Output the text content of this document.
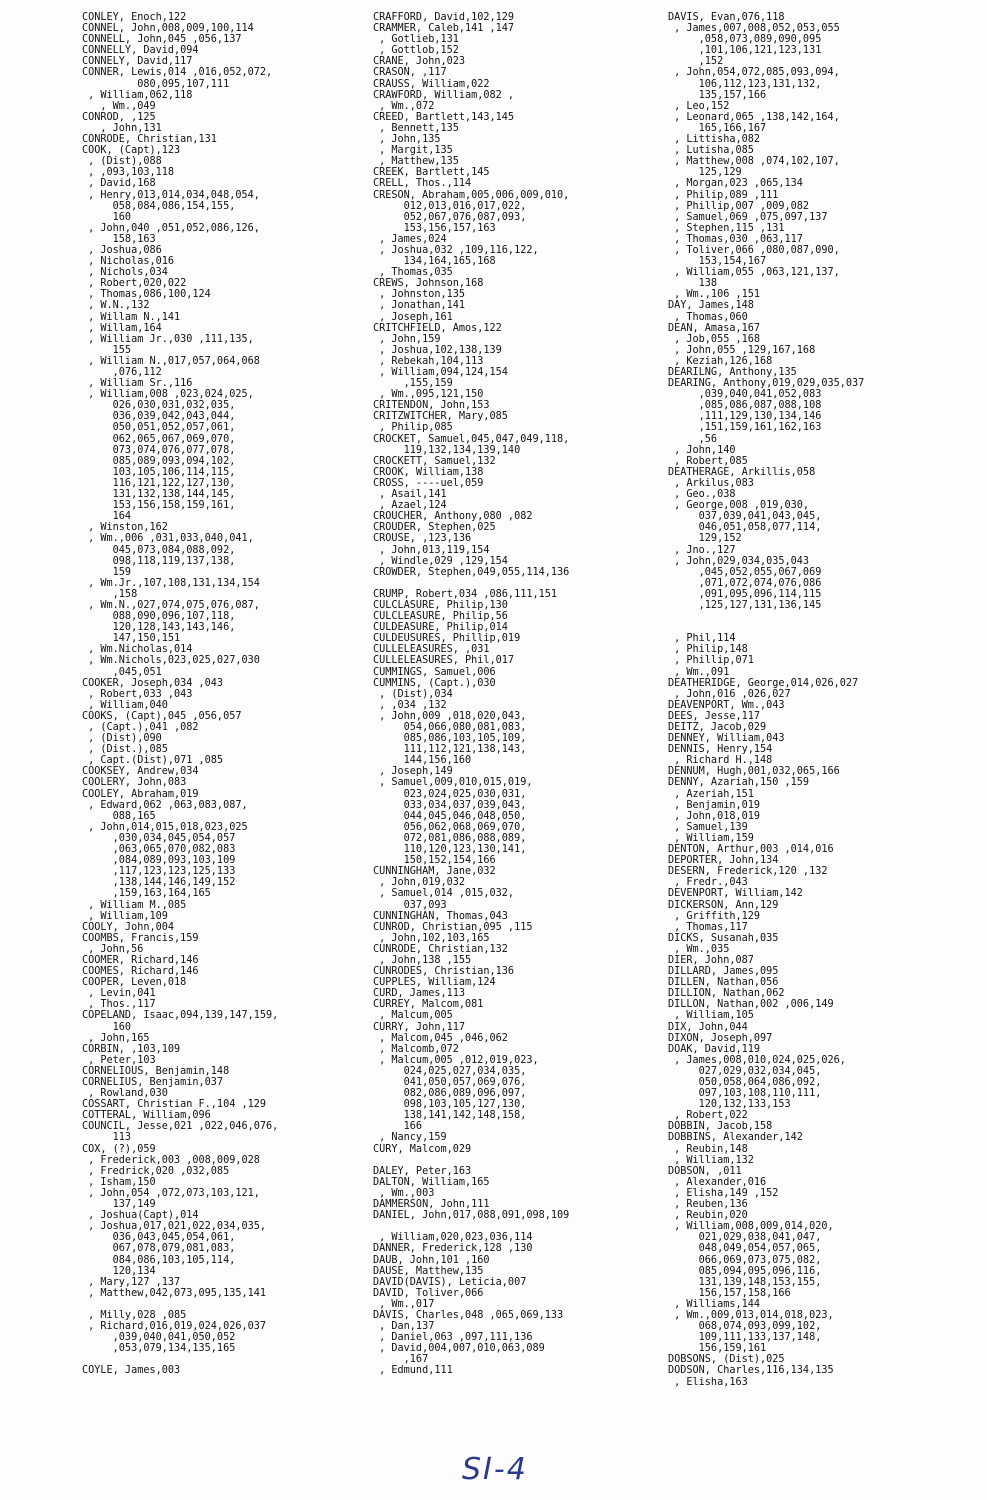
CONLEY, Enoch,122
CONNEL, John,008,009,100,114
CONNELL, John,045 ,056,137
CONNELLY, David,094
CONNELY, David,117
CONNER, Lewis,014 ,016,052,072,
080,095,107,111
, William,062,118
, Wm.,049
CONROD, ,125
, John,131
CONRODE, Christian,131
COOK, (Capt),123
, (Dist),088
, ,093,103,118
, David,168
, Henry,013,014,034,048,054,
058,084,086,154,155,
160
, John,040 ,051,052,086,126,
158,163
, Joshua,086
, Nicholas,016
, Nichols,034
, Robert,020,022
, Thomas,086,100,124
, W.N.,132
, Willam N.,141
, Willam,164
, William Jr.,030 ,111,135,
155
, William N.,017,057,064,068
,076,112
, William Sr.,116
, William,008 ,023,024,025,
026,030,031,032,035,
036,039,042,043,044,
050,051,052,057,061,
062,065,067,069,070,
073,074,076,077,078,
085,089,093,094,102,
103,105,106,114,115,
116,121,122,127,130,
131,132,138,144,145,
153,156,158,159,161,
164
, Winston,162
, Wm.,006 ,031,033,040,041,
045,073,084,088,092,
098,118,119,137,138,
159
, Wm.Jr.,107,108,131,134,154
,158
, Wm.N.,027,074,075,076,087,
088,090,096,107,118,
120,128,143,143,146,
147,150,151
, Wm.Nicholas,014
, Wm.Nichols,023,025,027,030
,045,051
COOKER, Joseph,034 ,043
, Robert,033 ,043
, William,040
COOKS, (Capt),045 ,056,057
, (Capt.),041 ,082
, (Dist),090
, (Dist.),085
, Capt.(Dist),071 ,085
COOKSEY, Andrew,034
COOLERY, John,083
COOLEY, Abraham,019
, Edward,062 ,063,083,087,
088,165
, John,014,015,018,023,025
,030,034,045,054,057
,063,065,070,082,083
,084,089,093,103,109
,117,123,123,125,133
,138,144,146,149,152
,159,163,164,165
, William M.,085
, William,109
COOLY, John,004
COOMBS, Francis,159
, John,56
COOMER, Richard,146
COOMES, Richard,146
COOPER, Leven,018
, Levin,041
, Thos.,117
COPELAND, Isaac,094,139,147,159,
160
, John,165
CORBIN, ,103,109
, Peter,103
CORNELIOUS, Benjamin,148
CORNELIUS, Benjamin,037
, Rowland,030
COSSART, Christian F.,104 ,129
COTTERAL, William,096
COUNCIL, Jesse,021 ,022,046,076,
113
COX, (?),059
, Frederick,003 ,008,009,028
, Fredrick,020 ,032,085
, Isham,150
, John,054 ,072,073,103,121,
137,149
, Joshua(Capt),014
, Joshua,017,021,022,034,035,
036,043,045,054,061,
067,078,079,081,083,
084,086,103,105,114,
120,134
, Mary,127 ,137
, Matthew,042,073,095,135,141
, Milly,028 ,085
, Richard,016,019,024,026,037
,039,040,041,050,052
,053,079,134,135,165
COYLE, James,003
CRAFFORD, David,102,129
CRAMMER, Caleb,141 ,147
, Gotlieb,131
, Gottlob,152
CRANE, John,023
CRASON, ,117
CRAUSS, William,022
CRAWFORD, William,082 ,
, Wm.,072
CREED, Bartlett,143,145
, Bennett,135
, John,135
, Margit,135
, Matthew,135
CREEK, Bartlett,145
CRELL, Thos.,114
CRESON, Abraham,005,006,009,010,
012,013,016,017,022,
052,067,076,087,093,
153,156,157,163
, James,024
, Joshua,032 ,109,116,122,
134,164,165,168
, Thomas,035
CREWS, Johnson,168
, Johnston,135
, Jonathan,141
, Joseph,161
CRITCHFIELD, Amos,122
, John,159
, Joshua,102,138,139
, Rebekah,104,113
, William,094,124,154
,155,159
, Wm.,095,121,150
CRITENDON, John,153
CRITZWITCHER, Mary,085
, Philip,085
CROCKET, Samuel,045,047,049,118,
119,132,134,139,140
CROCKETT, Samuel,132
CROOK, William,138
CROSS, ----uel,059
, Asail,141
, Azael,124
CROUCHER, Anthony,080 ,082
CROUDER, Stephen,025
CROUSE, ,123,136
, John,013,119,154
, Windle,029 ,129,154
CROWDER, Stephen,049,055,114,136
CRUMP, Robert,034 ,086,111,151
CULCLASURE, Philip,130
CULCLEASURE, Philip,56
CULDEASURE, Philip,014
CULDEUSURES, Phillip,019
CULLELEASURES, ,031
CULLELEASURES, Phil,017
CUMMINGS, Samuel,006
CUMMINS, (Capt.),030
, (Dist),034
, ,034 ,132
, John,009 ,018,020,043,
054,066,080,081,083,
085,086,103,105,109,
111,112,121,138,143,
144,156,160
, Joseph,149
, Samuel,009,010,015,019,
023,024,025,030,031,
033,034,037,039,043,
044,045,046,048,050,
056,062,068,069,070,
072,081,086,088,089,
110,120,123,130,141,
150,152,154,166
CUNNINGHAM, Jane,032
, John,019,032
, Samuel,014 ,015,032,
037,093
CUNNINGHAN, Thomas,043
CUNROD, Christian,095 ,115
, John,102,103,165
CUNRODE, Christian,132
, John,138 ,155
CUNRODES, Christian,136
CUPPLES, William,124
CURD, James,113
CURREY, Malcom,081
, Malcum,005
CURRY, John,117
, Malcom,045 ,046,062
, Malcomb,072
, Malcum,005 ,012,019,023,
024,025,027,034,035,
041,050,057,069,076,
082,086,089,096,097,
098,103,105,127,130,
138,141,142,148,158,
166
, Nancy,159
CURY, Malcom,029
DALEY, Peter,163
DALTON, William,165
, Wm.,003
DAMMERSON, John,111
DANIEL, John,017,088,091,098,109
, William,020,023,036,114
DANNER, Frederick,128 ,130
DAUB, John,101 ,160
DAUSE, Matthew,135
DAVID(DAVIS), Leticia,007
DAVID, Toliver,066
, Wm.,017
DAVIS, Charles,048 ,065,069,133
, Dan,137
, Daniel,063 ,097,111,136
, David,004,007,010,063,089
,167
, Edmund,111
DAVIS, Evan,076,118
, James,007,008,052,053,055
,058,073,089,090,095
,101,106,121,123,131
,152
, John,054,072,085,093,094,
106,112,123,131,132,
135,157,166
, Leo,152
, Leonard,065 ,138,142,164,
165,166,167
, Littisha,082
, Lutisha,085
, Matthew,008 ,074,102,107,
125,129
, Morgan,023 ,065,134
, Philip,089 ,111
, Phillip,007 ,009,082
, Samuel,069 ,075,097,137
, Stephen,115 ,131
, Thomas,030 ,063,117
, Toliver,066 ,080,087,090,
153,154,167
, William,055 ,063,121,137,
138
, Wm.,106 ,151
DAY, James,148
, Thomas,060
DEAN, Amasa,167
, Job,055 ,168
, John,055 ,129,167,168
, Keziah,126,168
DEARILNG, Anthony,135
DEARING, Anthony,019,029,035,037
,039,040,041,052,083
,085,086,087,088,108
,111,129,130,134,146
,151,159,161,162,163
,56
, John,140
, Robert,085
DEATHERAGE, Arkillis,058
, Arkilus,083
, Geo.,038
, George,008 ,019,030,
037,039,041,043,045,
046,051,058,077,114,
129,152
, Jno.,127
, John,029,034,035,043
,045,052,055,067,069
,071,072,074,076,086
,091,095,096,114,115
,125,127,131,136,145
, Phil,114
, Philip,148
, Phillip,071
, Wm.,091
DEATHERIDGE, George,014,026,027
, John,016 ,026,027
DEAVENPORT, Wm.,043
DEES, Jesse,117
DEITZ, Jacob,029
DENNEY, William,043
DENNIS, Henry,154
, Richard H.,148
DENNUM, Hugh,001,032,065,166
DENNY, Azariah,150 ,159
, Azeriah,151
, Benjamin,019
, John,018,019
, Samuel,139
, William,159
DENTON, Arthur,003 ,014,016
DEPORTER, John,134
DESERN, Frederick,120 ,132
, Fredr.,043
DEVENPORT, William,142
DICKERSON, Ann,129
, Griffith,129
, Thomas,117
DICKS, Susanah,035
, Wm.,035
DIER, John,087
DILLARD, James,095
DILLEN, Nathan,056
DILLION, Nathan,062
DILLON, Nathan,002 ,006,149
, William,105
DIX, John,044
DIXON, Joseph,097
DOAK, David,119
, James,008,010,024,025,026,
027,029,032,034,045,
050,058,064,086,092,
097,103,108,110,111,
120,132,133,153
, Robert,022
DOBBIN, Jacob,158
DOBBINS, Alexander,142
, Reubin,148
, William,132
DOBSON, ,011
, Alexander,016
, Elisha,149 ,152
, Reuben,136
, Reubin,020
, William,008,009,014,020,
021,029,038,041,047,
048,049,054,057,065,
066,069,073,075,082,
085,094,095,096,116,
131,139,148,153,155,
156,157,158,166
, Williams,144
, Wm.,009,013,014,018,023,
068,074,093,099,102,
109,111,133,137,148,
156,159,161
DOBSONS, (Dist),025
DODSON, Charles,116,134,135
, Elisha,163
SI-4
